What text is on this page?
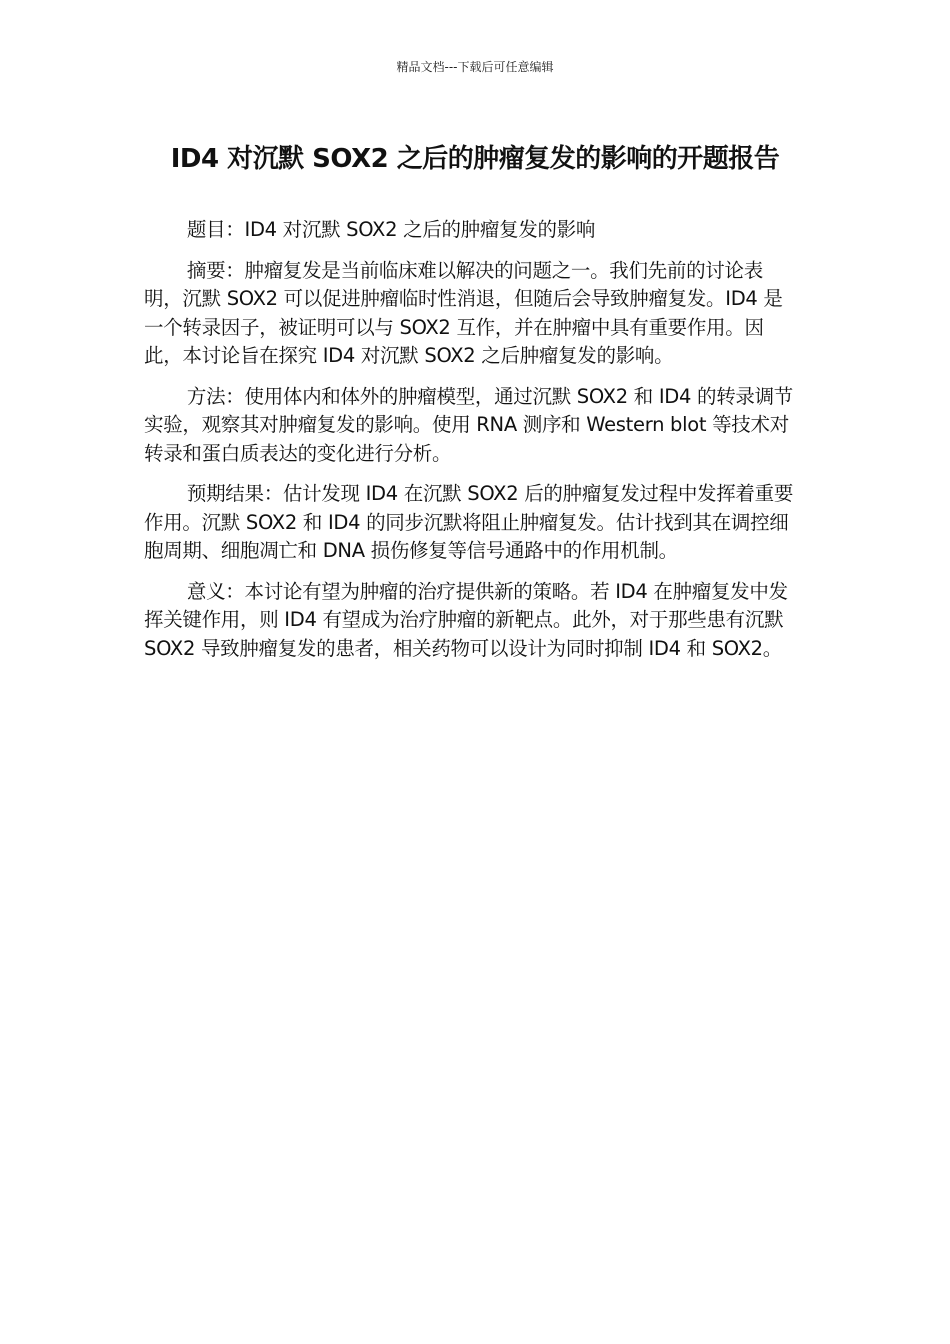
精品文档---下载后可任意编辑
ID4 对沉默 SOX2 之后的肿瘤复发的影响的开题报告

题目：ID4 对沉默 SOX2 之后的肿瘤复发的影响

摘要：肿瘤复发是当前临床难以解决的问题之一。我们先前的讨论表明，沉默 SOX2 可以促进肿瘤临时性消退，但随后会导致肿瘤复发。ID4 是一个转录因子，被证明可以与 SOX2 互作，并在肿瘤中具有重要作用。因此，本讨论旨在探究 ID4 对沉默 SOX2 之后肿瘤复发的影响。

方法：使用体内和体外的肿瘤模型，通过沉默 SOX2 和 ID4 的转录调节实验，观察其对肿瘤复发的影响。使用 RNA 测序和 Western blot 等技术对转录和蛋白质表达的变化进行分析。

预期结果：估计发现 ID4 在沉默 SOX2 后的肿瘤复发过程中发挥着重要作用。沉默 SOX2 和 ID4 的同步沉默将阻止肿瘤复发。估计找到其在调控细胞周期、细胞凋亡和 DNA 损伤修复等信号通路中的作用机制。

意义：本讨论有望为肿瘤的治疗提供新的策略。若 ID4 在肿瘤复发中发挥关键作用，则 ID4 有望成为治疗肿瘤的新靶点。此外，对于那些患有沉默 SOX2 导致肿瘤复发的患者，相关药物可以设计为同时抑制 ID4 和 SOX2。
